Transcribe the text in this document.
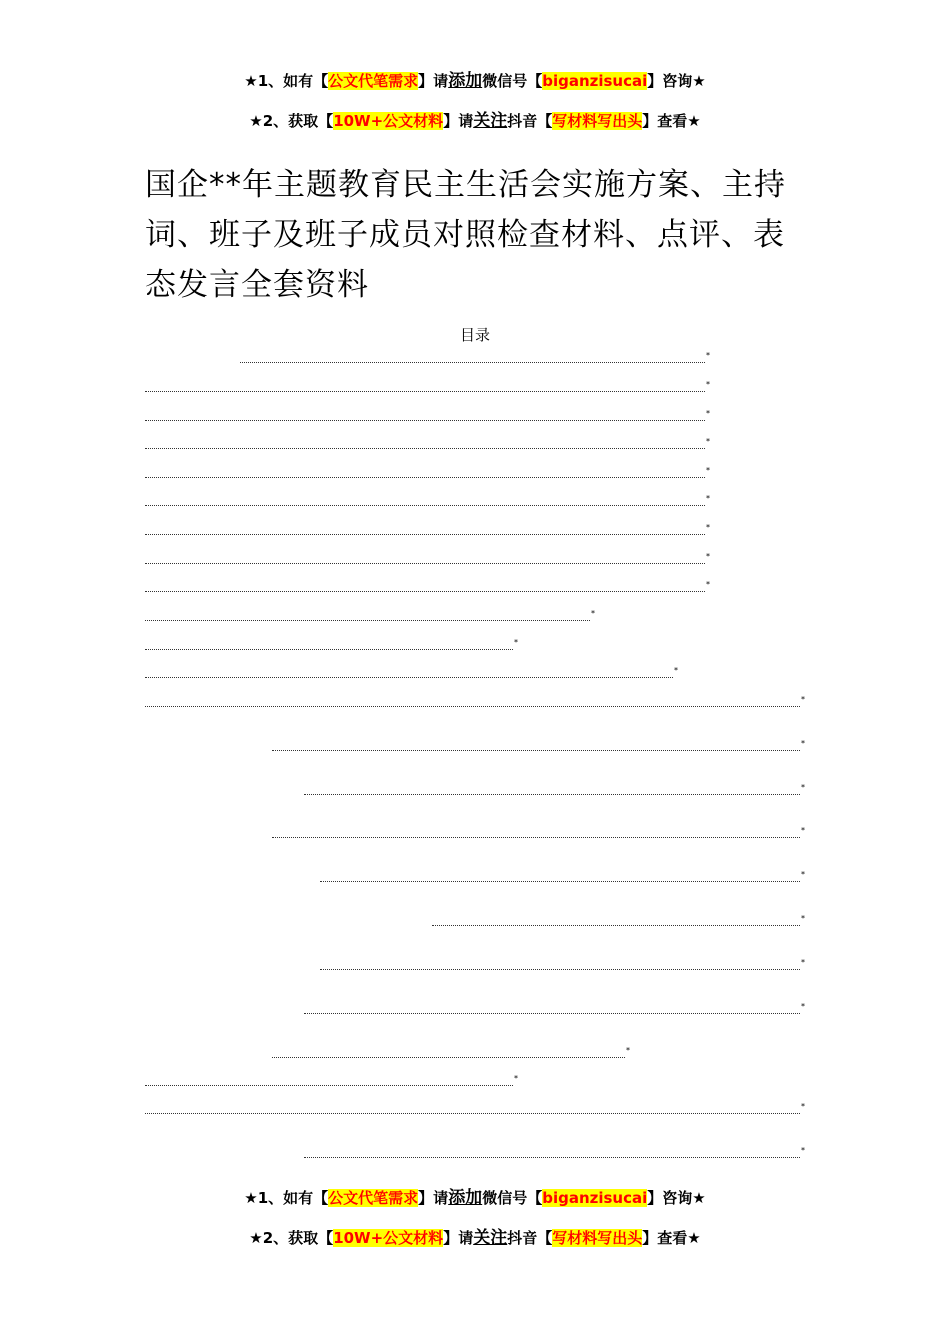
★1、如有【公文代笔需求】请添加微信号【biganzisucai】咨询★
★2、获取【10W+公文材料】请关注抖音【写材料写出头】查看★
国企**年主题教育民主生活会实施方案、主持词、班子及班子成员对照检查材料、点评、表态发言全套资料
目录
*
*
*
*
*
*
*
*
*
*
*
*
*
*
*
*
*
*
*
*
*
*
*
*
★1、如有【公文代笔需求】请添加微信号【biganzisucai】咨询★
★2、获取【10W+公文材料】请关注抖音【写材料写出头】查看★
